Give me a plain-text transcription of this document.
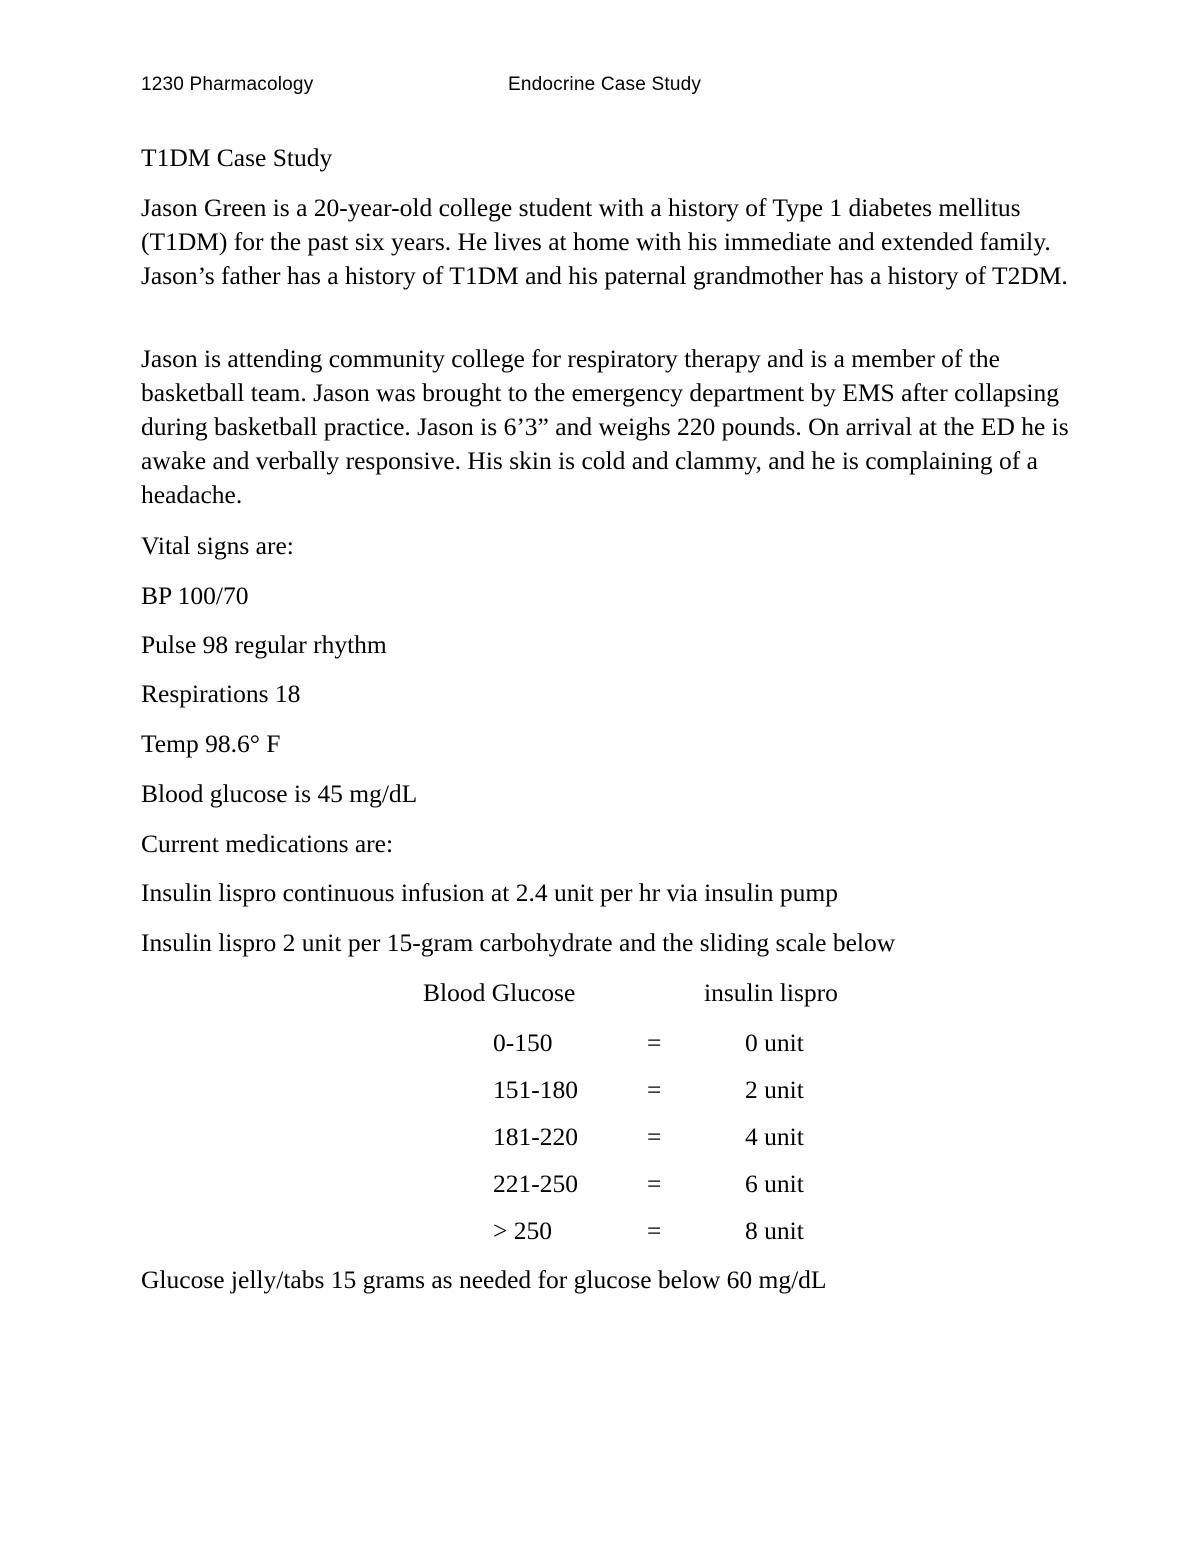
1230 Pharmacology	Endocrine Case Study

T1DM Case Study

Jason Green is a 20-year-old college student with a history of Type 1 diabetes mellitus (T1DM) for the past six years. He lives at home with his immediate and extended family. Jason’s father has a history of T1DM and his paternal grandmother has a history of T2DM.

Jason is attending community college for respiratory therapy and is a member of the basketball team. Jason was brought to the emergency department by EMS after collapsing during basketball practice. Jason is 6’3” and weighs 220 pounds. On arrival at the ED he is awake and verbally responsive. His skin is cold and clammy, and he is complaining of a headache.

Vital signs are:

BP 100/70

Pulse 98 regular rhythm

Respirations 18

Temp 98.6° F

Blood glucose is 45 mg/dL

Current medications are:

Insulin lispro continuous infusion at 2.4 unit per hr via insulin pump

Insulin lispro 2 unit per 15-gram carbohydrate and the sliding scale below

Blood Glucose	insulin lispro
0-150	=	0 unit
151-180	=	2 unit
181-220	=	4 unit
221-250	=	6 unit
> 250	=	8 unit

Glucose jelly/tabs 15 grams as needed for glucose below 60 mg/dL
